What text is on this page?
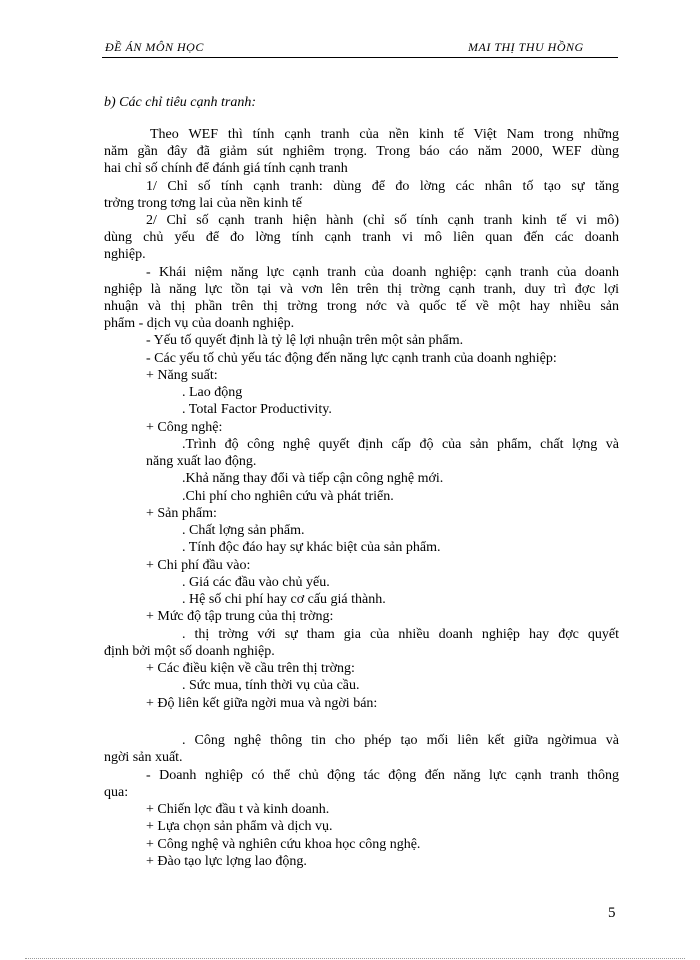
ĐỀ ÁN MÔN HỌC	MAI THỊ THU HỒNG
b) Các chỉ tiêu cạnh tranh:
Theo WEF thì tính cạnh tranh của nền kinh tế Việt Nam trong những
năm gần đây đã giảm sút nghiêm trọng. Trong báo cáo năm 2000, WEF dùng
hai chỉ số chính để đánh giá tính cạnh tranh
1/ Chỉ số tính cạnh tranh: dùng để đo lờng các nhân tố tạo sự tăng
trởng trong tơng lai của nền kinh tế
2/ Chỉ số cạnh tranh hiện hành (chỉ số tính cạnh tranh kinh tế vi mô)
dùng chủ yếu để đo lờng tính cạnh tranh vi mô liên quan đến các doanh
nghiệp.
- Khái niệm năng lực cạnh tranh của doanh nghiệp: cạnh tranh của doanh
nghiệp là năng lực tồn tại và vơn lên trên thị trờng cạnh tranh, duy trì đợc lợi
nhuận và thị phần trên thị trờng trong nớc và quốc tế về một hay nhiều sản
phẩm - dịch vụ của doanh nghiệp.
- Yếu tố quyết định là tỷ lệ lợi nhuận trên một sản phẩm.
- Các yếu tố chủ yếu tác động đến năng lực cạnh tranh của doanh nghiệp:
+ Năng suất:
. Lao động
. Total Factor Productivity.
+ Công nghệ:
.Trình độ công nghệ quyết định cấp độ của sản phẩm, chất lợng và
năng xuất lao động.
.Khả năng thay đổi và tiếp cận công nghệ mới.
.Chi phí cho nghiên cứu và phát triển.
+ Sản phẩm:
. Chất lợng sản phẩm.
. Tính độc đáo hay sự khác biệt của sản phẩm.
+ Chi phí đầu vào:
. Giá các đầu vào chủ yếu.
. Hệ số chi phí hay cơ cấu giá thành.
+ Mức độ tập trung của thị trờng:
. thị trờng với sự tham gia của nhiều doanh nghiệp hay đợc quyết
định bởi một số doanh nghiệp.
+ Các điều kiện về cầu trên thị trờng:
. Sức mua, tính thời vụ của cầu.
+ Độ liên kết giữa ngời mua và ngời bán:
. Công nghệ thông tin cho phép tạo mối liên kết giữa ngờimua và
ngời sản xuất.
- Doanh nghiệp có thể chủ động tác động đến năng lực cạnh tranh thông
qua:
+ Chiến lợc đầu t và kinh doanh.
+ Lựa chọn sản phẩm và dịch vụ.
+ Công nghệ và nghiên cứu khoa học công nghệ.
+ Đào tạo lực lợng lao động.
5
